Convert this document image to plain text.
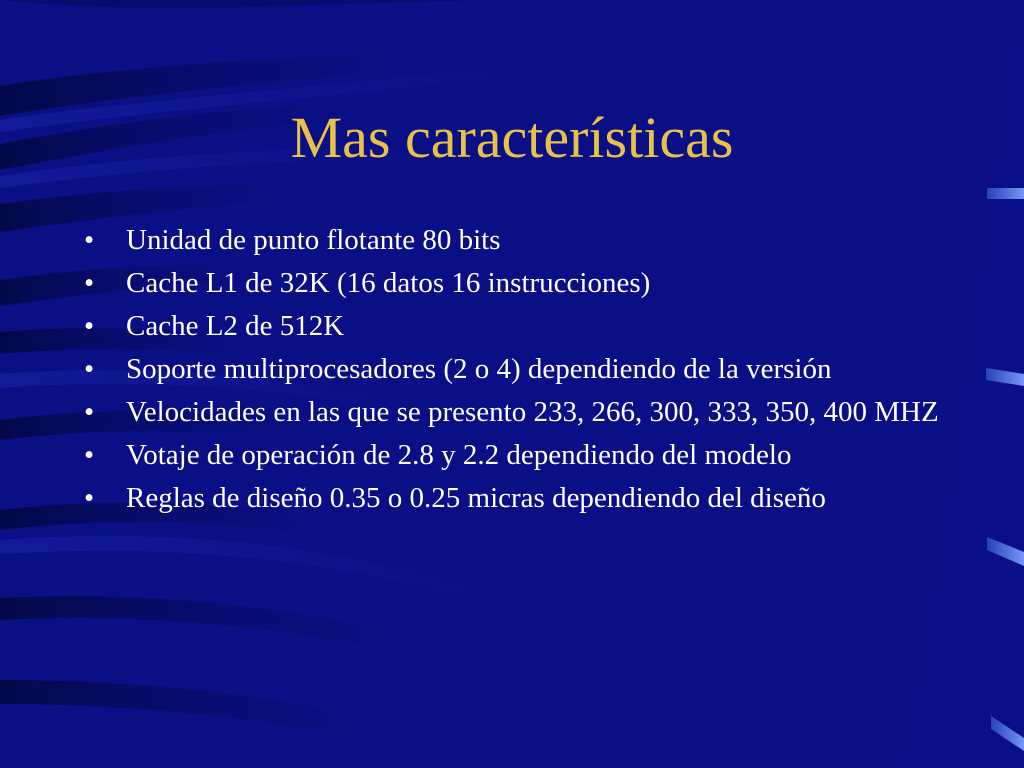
Mas características
•	Unidad de punto flotante 80 bits
•	Cache L1 de 32K (16 datos 16 instrucciones)
•	Cache L2 de 512K
•	Soporte multiprocesadores (2 o 4) dependiendo de la versión
•	Velocidades en las que se presento 233, 266, 300, 333, 350, 400 MHZ
•	Votaje de operación de 2.8 y 2.2 dependiendo del modelo
•	Reglas de diseño 0.35 o 0.25 micras dependiendo del diseño
